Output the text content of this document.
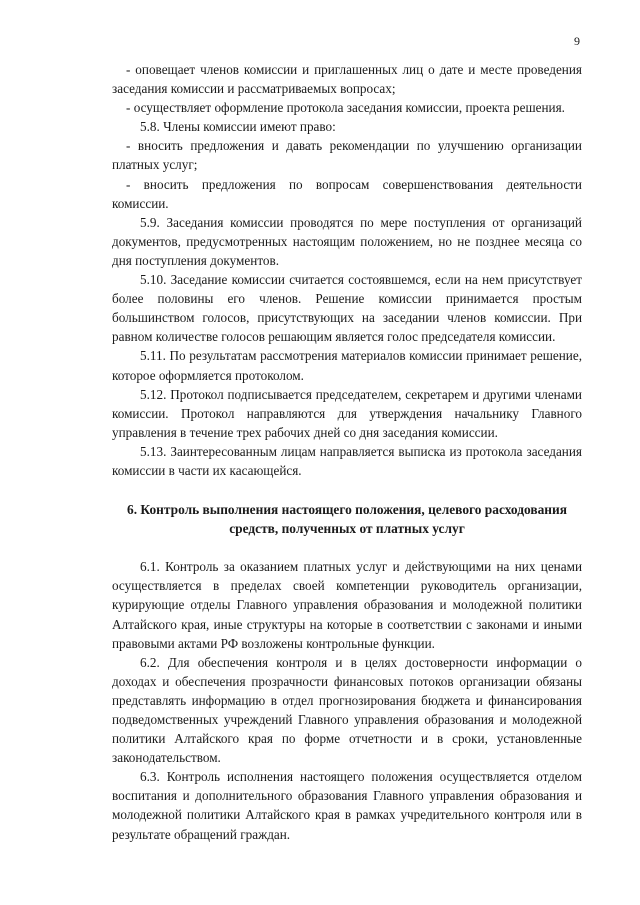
9

- оповещает членов комиссии и приглашенных лиц о дате и месте проведения заседания комиссии и рассматриваемых вопросах;

- осуществляет оформление протокола заседания комиссии, проекта решения.

5.8. Члены комиссии имеют право:

- вносить предложения и давать рекомендации по улучшению организации платных услуг;

- вносить предложения по вопросам совершенствования деятельности комиссии.

5.9. Заседания комиссии проводятся по мере поступления от организаций документов, предусмотренных настоящим положением, но не позднее месяца со дня поступления документов.

5.10. Заседание комиссии считается состоявшемся, если на нем присутствует более половины его членов. Решение комиссии принимается простым большинством голосов, присутствующих на заседании членов комиссии. При равном количестве голосов решающим является голос председателя комиссии.

5.11. По результатам рассмотрения материалов комиссии принимает решение, которое оформляется протоколом.

5.12. Протокол подписывается председателем, секретарем и другими членами комиссии. Протокол направляются для утверждения начальнику Главного управления в течение трех рабочих дней со дня заседания комиссии.

5.13. Заинтересованным лицам направляется выписка из протокола заседания комиссии в части их касающейся.

6. Контроль выполнения настоящего положения, целевого расходования
средств, полученных от платных услуг

6.1. Контроль за оказанием платных услуг и действующими на них ценами осуществляется в пределах своей компетенции руководитель организации, курирующие отделы Главного управления образования и молодежной политики Алтайского края, иные структуры на которые в соответствии с законами и иными правовыми актами РФ возложены контрольные функции.

6.2. Для обеспечения контроля и в целях достоверности информации о доходах и обеспечения прозрачности финансовых потоков организации обязаны представлять информацию в отдел прогнозирования бюджета и финансирования подведомственных учреждений Главного управления образования и молодежной политики Алтайского края по форме отчетности и в сроки, установленные законодательством.

6.3. Контроль исполнения настоящего положения осуществляется отделом воспитания и дополнительного образования Главного управления образования и молодежной политики Алтайского края в рамках учредительного контроля или в результате обращений граждан.
